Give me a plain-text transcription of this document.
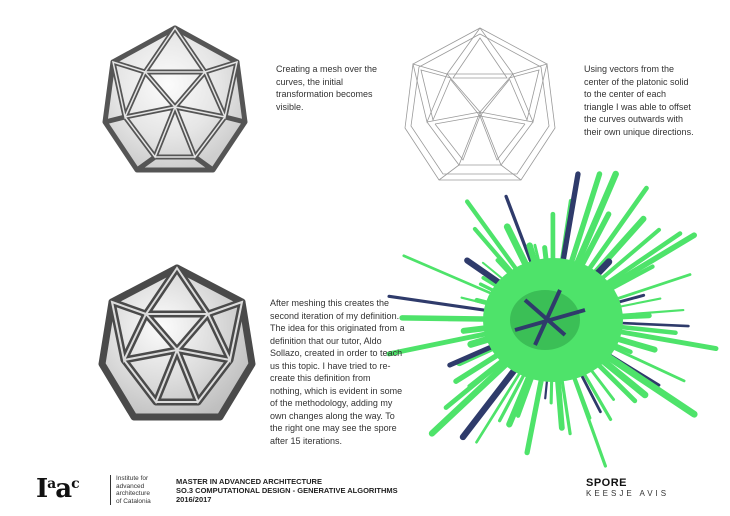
Creating a mesh over the curves, the initial transformation becomes visible.
Using vectors from the center of the platonic solid to the center of each triangle I was able to offset the curves outwards with their own unique directions.
After meshing this creates the second iteration of my definition. The idea for this originated from a definition that our tutor, Aldo Sollazo, created in order to teach us this topic. I have tried to re-create this definition from nothing, which is evident in some of the methodology, adding my own changes along the way. To the right one may see the spore after 15 iterations.
$I^aa^c$	Institute for
advanced
architecture
of Catalonia
MASTER IN ADVANCED ARCHITECTURE
SO.3 COMPUTATIONAL DESIGN - GENERATIVE ALGORITHMS
2016/2017
SPORE
KEESJE AVIS
